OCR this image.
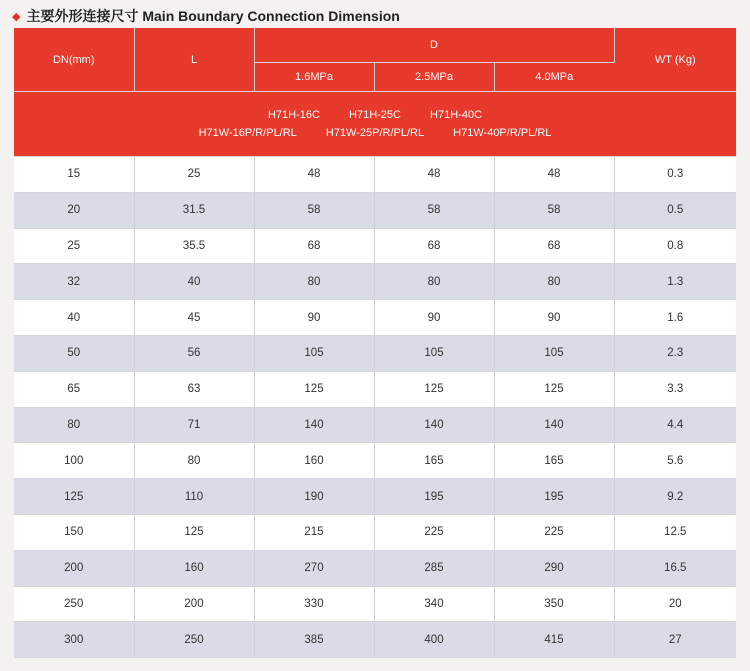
◆ 主要外形连接尺寸 Main Boundary Connection Dimension
DN(mm)	L	D			WT (Kg)
		1.6MPa	2.5MPa	4.0MPa	

H71H-16C H71H-25C H71H-40C
H71W-16P/R/PL/RL H71W-25P/R/PL/RL H71W-40P/R/PL/RL					

15	25	48	48	48	0.3
20	31.5	58	58	58	0.5
25	35.5	68	68	68	0.8
32	40	80	80	80	1.3
40	45	90	90	90	1.6
50	56	105	105	105	2.3
65	63	125	125	125	3.3
80	71	140	140	140	4.4
100	80	160	165	165	5.6
125	110	190	195	195	9.2
150	125	215	225	225	12.5
200	160	270	285	290	16.5
250	200	330	340	350	20
300	250	385	400	415	27
